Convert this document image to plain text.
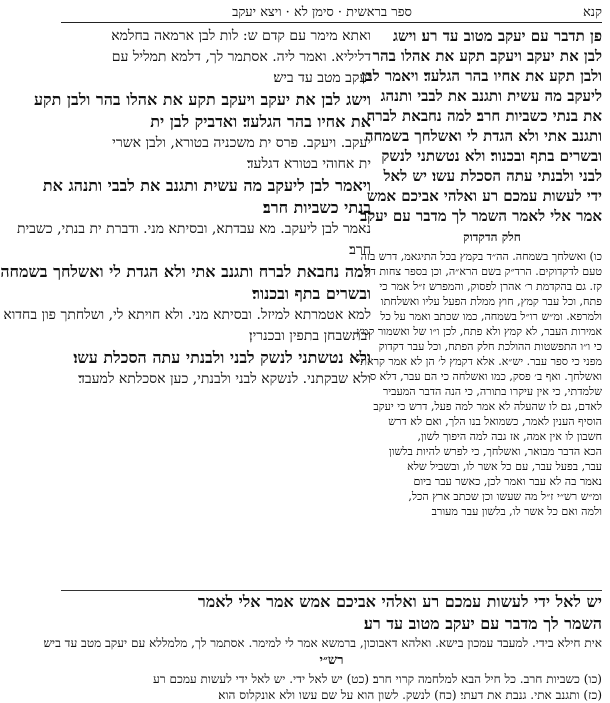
קנא
ספר בראשית · סימן לא · ויצא יעקב
פן תדבר עם יעקב מטוב עד רע׃ וישג
לבן את יעקב ויעקב תקע את אהלו בהר
ולבן תקע את אחיו בהר הגלעד׃ ויאמר לבן
ליעקב מה עשית ותגנב את לבבי ותנהג
את בנתי כשביות חרב׃ למה נחבאת לברח
ותגנב אתי ולא הגדת לי ואשלחך בשמחה
ובשרים בתף ובכנור׃ ולא נטשתני לנשק
לבני ולבנתי עתה הסכלת עשו׃ יש לאל
ידי לעשות עמכם רע ואלהי אביכם אמש
אמר אלי לאמר השמר לך מדבר עם יעקב
חלק הדקדוק
כו) ואשלחך בשמחה. הה״ד בקמץ בכל התיגאמ, דרש בזה
טעם לדקדוקים. הרד״ק בשם הרא״ה, וכן בספר צחות דף
קז. גם בהקדמת ר׳ אהרן לפסוק, והמפרש ז״ל אמר כי
פתח, וכל עבר קמץ, חוץ ממלת הפעל עליו ואשלחתו
ולמרפא. ומ״ש רו״ל בשמחה, כמו שכתב ואמר על כל
אמירות העבר, לא קמץ ולא פתח, לכן ו״ו של ואשמור קמץ
כי ו״ו התפשטות ההולכת חלק הפתח, וכל עבר דקדוק
מפני כי ספר עבר. יש״א. אלא דקמץ ל׳ הן לא אמר קראתי
ואשלחך. ואף ב׳ פסק, כמו ואשלחה כי הם עבר, דלא ס
שלמדתי, כי אין עיקרו בתורה, כי הנה הדבר המעביר
לאדם, גם לו שהעלה לא אמר למה פעל, דרש כי יעקב
הוסיף הענין לאמר, כשמואל בנו הלך, ואם לא דרש
חשבון לו אין אמה, אז גבה למה היפוך לשון,
הכא הדבר מבואר, ואשלחך, כי לפרש להיות בלשון
עבר, בפעל עבר, עם כל אשר לו, ובשביל שלא
נאמר בה לא עבר ואמר לכן, כאשר עבר ביום
ומ״ש רש״י ז״ל מה שעשו וכן שכתב ארץ הכל,
ולמה ואם כל אשר לו, בלשון עבר מעורב
ואתא מימר עם קדם ש: לות לבן ארמאה בחלמא
דליליא. ואמר ליה. אסתמר לך, דלמא תמליל עם
יעקב מטב עד ביש׃
וישג לבן את יעקב ויעקב תקע את אהלו בהר ולבן תקע
את אחיו בהר הגלעד׃ ואדביק לבן ית
יעקב. ויעקב. פרס ית משכניה בטורא, ולבן אשרי
ית אחוהי בטורא דגלעד׃
ויאמר לבן ליעקב מה עשית ותגנב את לבבי ותנהג את
בנתי כשביות חרב׃
נאמר לבן ליעקב. מא עבדתא, ובסיתא מני. ודברת ית בנתי, כשבית
חרב׃
למה נחבאת לברח ותגנב אתי ולא הגדת לי ואשלחך בשמחה
ובשרים בתף ובכנור׃
למא אטמרתא למיזל. ובסיתא מני. ולא חויתא לי, ושלחתך פון בחדוא
ובתשבחן בתפין ובכנרין׃
ולא נטשתני לנשק לבני ולבנתי עתה הסכלת עשו׃
ולא שבקתני. לנשקא לבני ולבנתי, כען אסכלתא למעבד׃
יש לאל ידי לעשות עמכם רע ואלהי אביכם אמש אמר אלי לאמר
השמר לך מדבר עם יעקב מטוב עד רע׃
אית חילא בידי. למעבד עמכון בישא. ואלהא דאבוכון, ברמשא אמר לי למימר. אסתמר לך, מלמללא עם יעקב מטב עד ביש׃
רש״י
(כו) כשביות חרב. כל חיל הבא למלחמה קרוי חרב׃ (כט) יש לאל ידי. יש לאל ידי לעשות עמכם רע
(כז) ותגנב אתי. גנבת את דעתי׃ (כח) לנשק. לשון הוא על שם עשו ולא אונקלוס הוא׃
